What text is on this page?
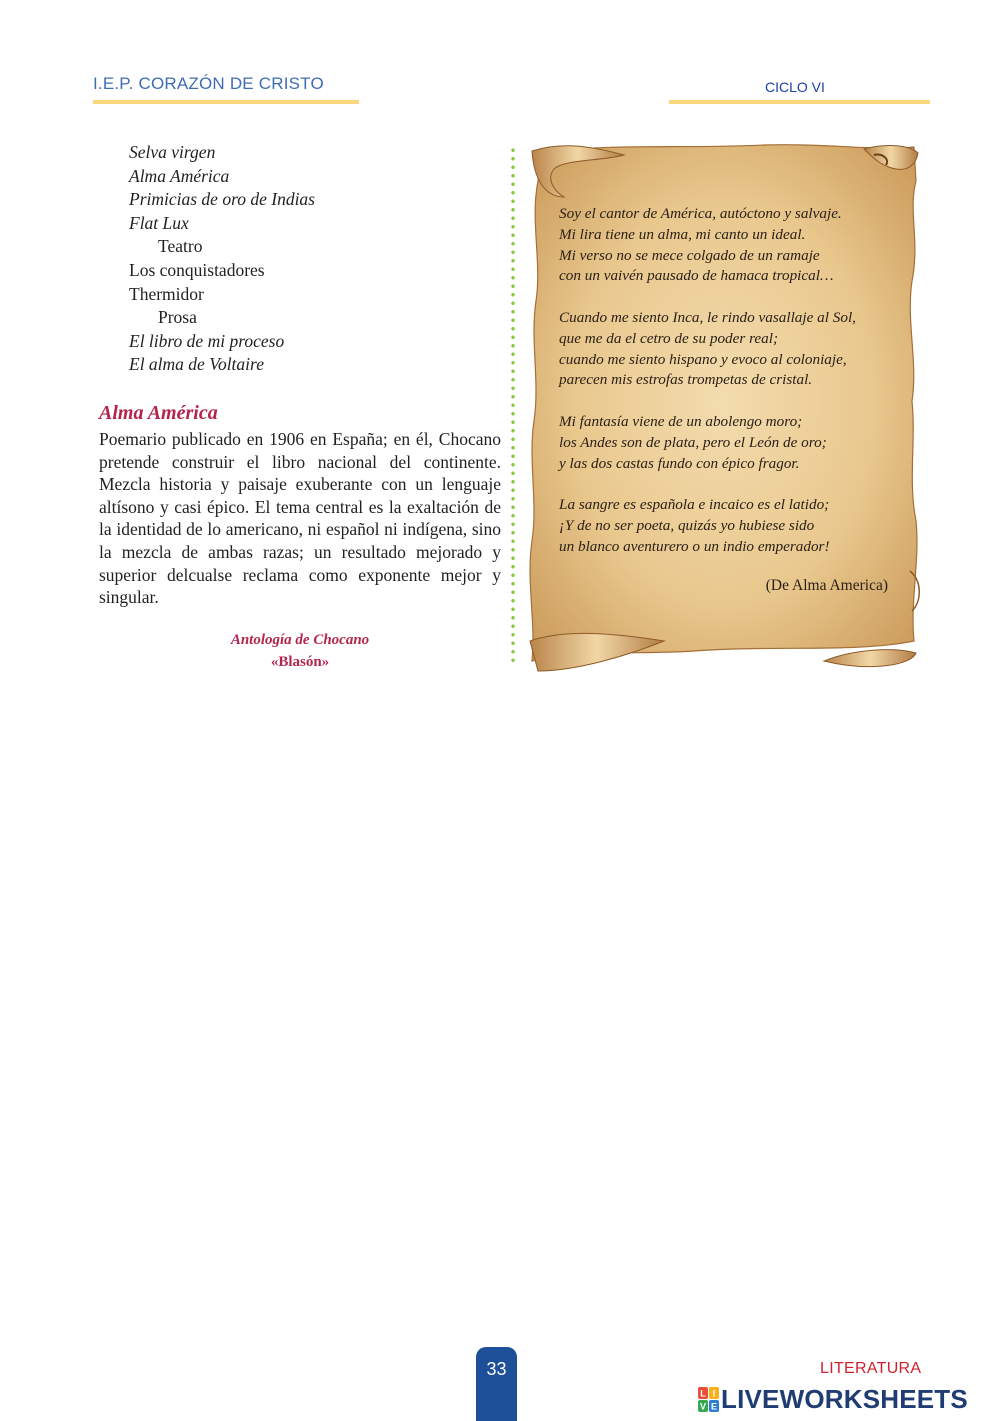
I.E.P. CORAZÓN DE CRISTO	CICLO VI
Selva virgen
Alma América
Primicias de oro de Indias
Flat Lux
Teatro
Los conquistadores
Thermidor
Prosa
El libro de mi proceso
El alma de Voltaire
Alma América
Poemario publicado en 1906 en España; en él, Chocano pretende construir el libro nacional del continente. Mezcla historia y paisaje exuberante con un lenguaje altísono y casi épico. El tema central es la exaltación de la identidad de lo americano, ni español ni indígena, sino la mezcla de ambas razas; un resultado mejorado y superior delcualse reclama como exponente mejor y singular.
Antología de Chocano
«Blasón»
Soy el cantor de América, autóctono y salvaje.
Mi lira tiene un alma, mi canto un ideal.
Mi verso no se mece colgado de un ramaje
con un vaivén pausado de hamaca tropical…
Cuando me siento Inca, le rindo vasallaje al Sol,
que me da el cetro de su poder real;
cuando me siento hispano y evoco al coloniaje,
parecen mis estrofas trompetas de cristal.
Mi fantasía viene de un abolengo moro;
los Andes son de plata, pero el León de oro;
y las dos castas fundo con épico fragor.
La sangre es española e incaico es el latido;
¡Y de no ser poeta, quizás yo hubiese sido
un blanco aventurero o un indio emperador!
(De Alma America)
33	LITERATURA
L I
V E LIVEWORKSHEETS
